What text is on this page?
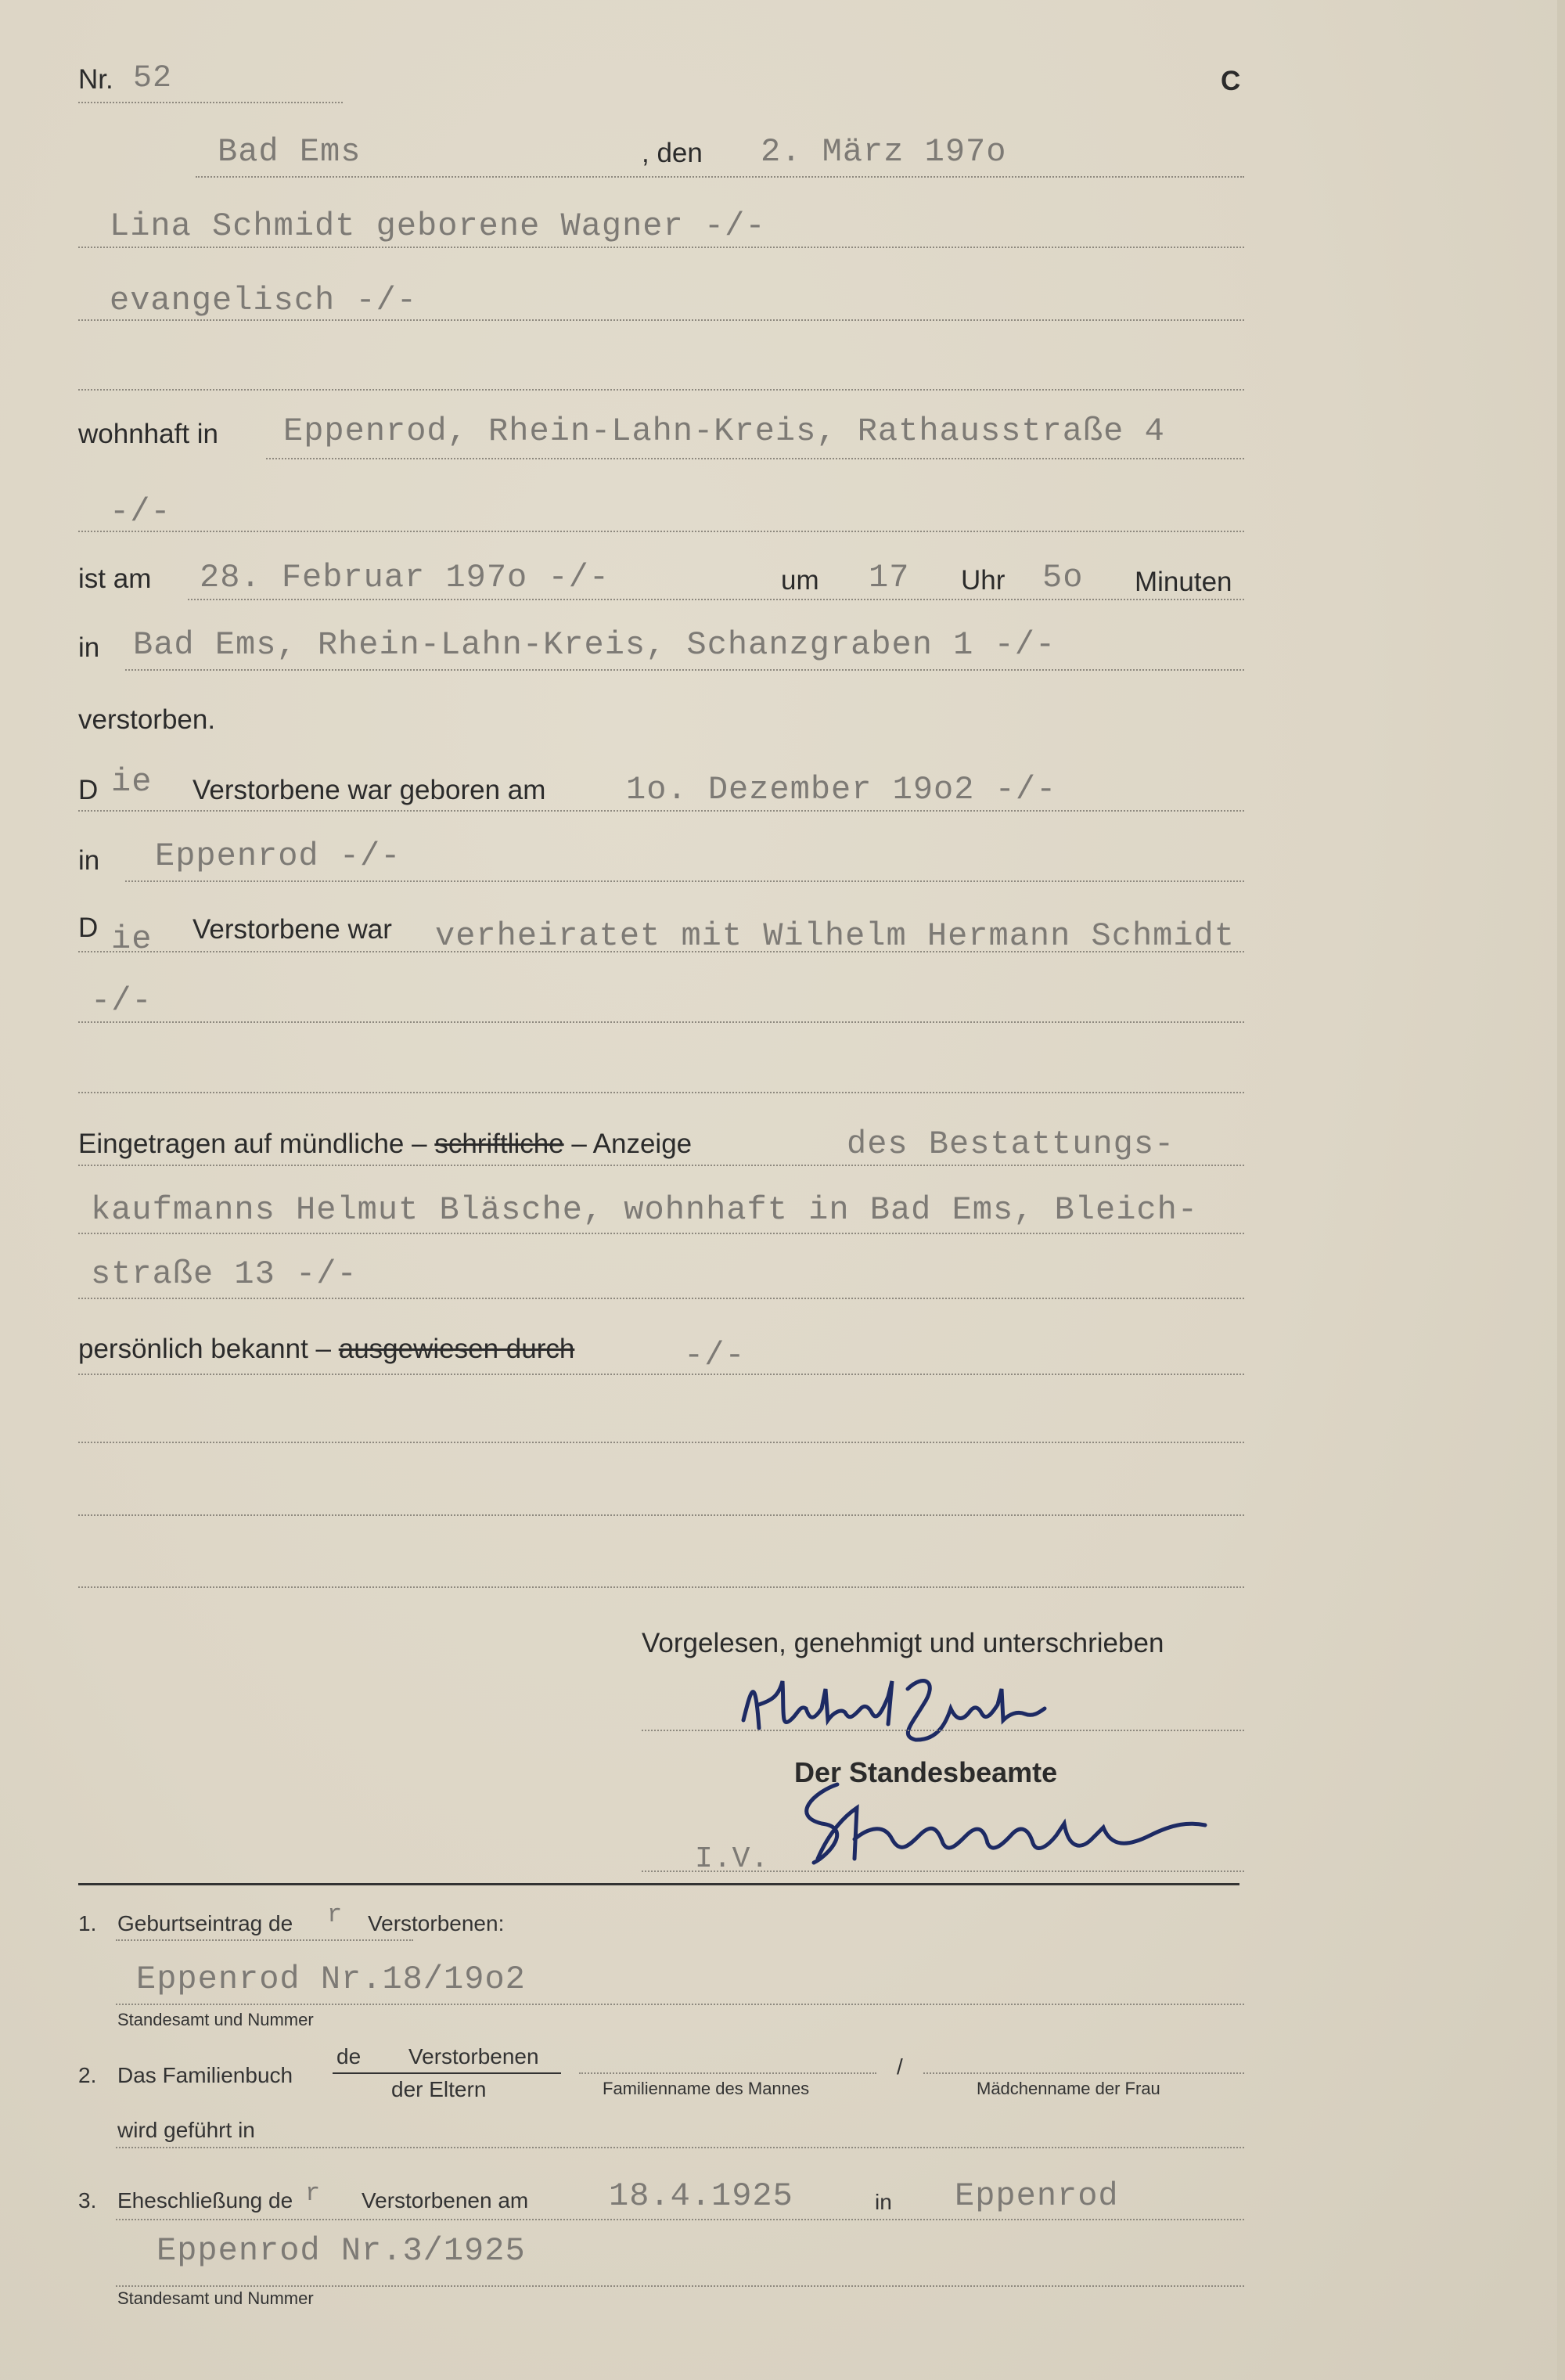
Nr. 52	C
Bad Ems	, den 2. März 197o
Lina Schmidt geborene Wagner -/-
evangelisch -/-
wohnhaft in Eppenrod, Rhein-Lahn-Kreis, Rathausstraße 4
-/-
ist am 28. Februar 197o -/-	um 17 Uhr 5o Minuten
in Bad Ems, Rhein-Lahn-Kreis, Schanzgraben 1 -/-
verstorben.
D ie Verstorbene war geboren am 1o. Dezember 19o2 -/-
in Eppenrod -/-
D ie Verstorbene war verheiratet mit Wilhelm Hermann Schmidt
-/-
Eingetragen auf mündliche – schriftliche – Anzeige	des Bestattungs-
kaufmanns Helmut Bläsche, wohnhaft in Bad Ems, Bleich-
straße 13 -/-
persönlich bekannt – ausgewiesen durch	-/-
Vorgelesen, genehmigt und unterschrieben
Der Standesbeamte
I.V.
1. Geburtseintrag de r Verstorbenen:
Eppenrod Nr.18/19o2
Standesamt und Nummer
2. Das Familienbuch
de Verstorbenen
der Eltern	Familienname des Mannes
/
Mädchenname der Frau
wird geführt in
3. Eheschließung de r Verstorbenen am 18.4.1925	in Eppenrod
Eppenrod Nr.3/1925
Standesamt und Nummer
